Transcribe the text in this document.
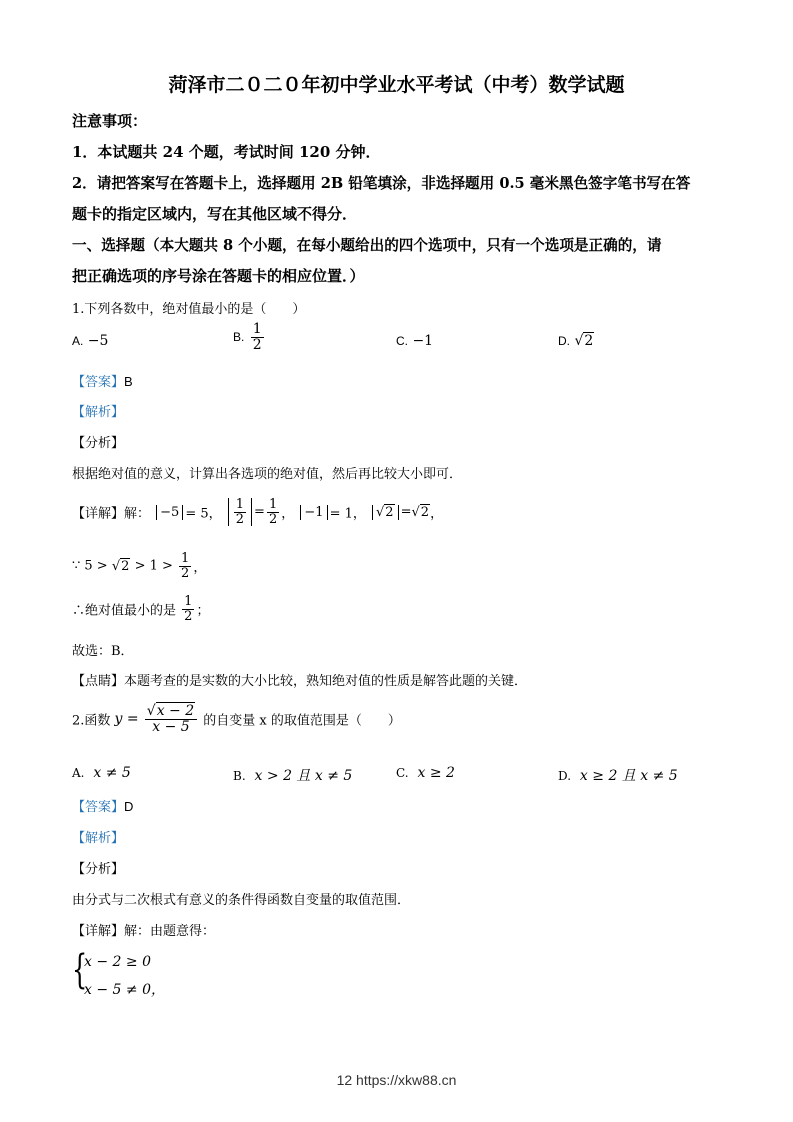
菏泽市二０二０年初中学业水平考试（中考）数学试题
注意事项：
1．本试题共 24 个题，考试时间 120 分钟．
2．请把答案写在答题卡上，选择题用 2B 铅笔填涂，非选择题用 0.5 毫米黑色签字笔书写在答
题卡的指定区域内，写在其他区域不得分．
一、选择题（本大题共 8 个小题，在每小题给出的四个选项中，只有一个选项是正确的，请
把正确选项的序号涂在答题卡的相应位置．）
1.下列各数中，绝对值最小的是（　　）
A. −5	B. $\frac{1}{2}$	C. −1	D. √2
【答案】B
【解析】
【分析】
根据绝对值的意义，计算出各选项的绝对值，然后再比较大小即可．
【详解】解： −5 = 5， $\frac{1}{2} = \frac{1}{2}$ ， −1 = 1， √2 =√2，
∵ $5 > √2 > 1 > \frac{1}{2}$ ，
∴绝对值最小的是 $\frac{1}{2}$ ；
故选：B．
【点睛】本题考查的是实数的大小比较，熟知绝对值的性质是解答此题的关键．
2.函数 $y = \frac{√x - 2}{x - 5}$ 的自变量 x 的取值范围是（　　）
A. x ≠ 5	B. x > 2 且 x ≠ 5	C. x ≥ 2	D. x ≥ 2 且 x ≠ 5
【答案】D
【解析】
【分析】
由分式与二次根式有意义的条件得函数自变量的取值范围．
【详解】解：由题意得：
{
x − 2 ≥ 0
x − 5 ≠ 0，
12 https://xkw88.cn
